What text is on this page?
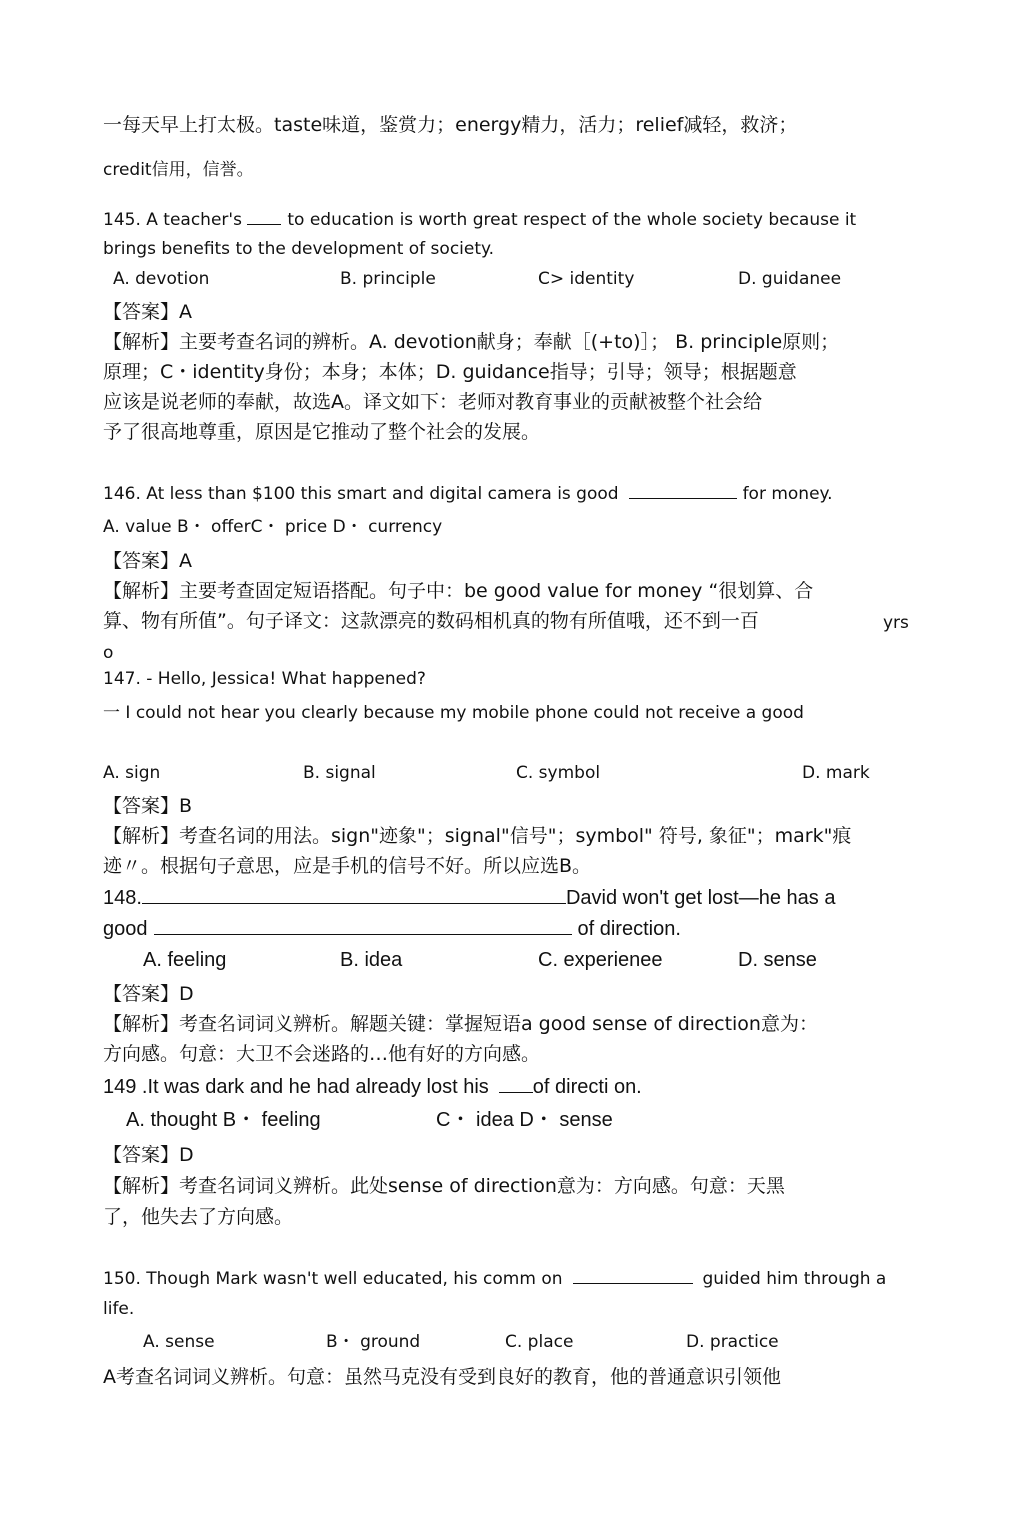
一每天早上打太极。taste味道，鉴赏力；energy精力，活力；relief减轻，救济；
credit信用，信誉。
145. A teacher's to education is worth great respect of the whole society because it
brings benefits to the development of society.
A. devotion	B. principle	C> identity	D. guidanee
【答案】A
【解析】主要考查名词的辨析。A. devotion献身；奉献［(+to)］； B. principle原则；
原理；C・identity身份；本身；本体；D. guidance指导；引导；领导；根据题意
应该是说老师的奉献，故选A。译文如下：老师对教育事业的贡献被整个社会给
予了很高地尊重，原因是它推动了整个社会的发展。
146. At less than $100 this smart and digital camera is good	for money.
A. value B・ offerC・ price D・ currency
【答案】A
【解析】主要考查固定短语搭配。句子中：be good value for money “很划算、合
算、物有所值”。句子译文：这款漂亮的数码相机真的物有所值哦，还不到一百	yrs
o
147. - Hello, Jessica! What happened?
一 I could not hear you clearly because my mobile phone could not receive a good
A. sign	B. signal	C. symbol	D. mark
【答案】B
【解析】考查名词的用法。sign"迹象"；signal"信号"；symbol" 符号, 象征"；mark"痕
迹〃。根据句子意思，应是手机的信号不好。所以应选B。
148.	David won't get lost—he has a
good	of direction.
A. feeling	B. idea	C. experienee	D. sense
【答案】D
【解析】考查名词词义辨析。解题关键：掌握短语a good sense of direction意为：
方向感。句意：大卫不会迷路的…他有好的方向感。
149 .It was dark and he had already lost his of directi on.
A. thought B・ feeling	C・ idea D・ sense
【答案】D
【解析】考查名词词义辨析。此处sense of direction意为：方向感。句意：天黑
了，他失去了方向感。
150. Though Mark wasn't well educated, his comm on	guided him through a
life.
A. sense	B・ ground	C. place	D. practice
A考查名词词义辨析。句意：虽然马克没有受到良好的教育，他的普通意识引领他
